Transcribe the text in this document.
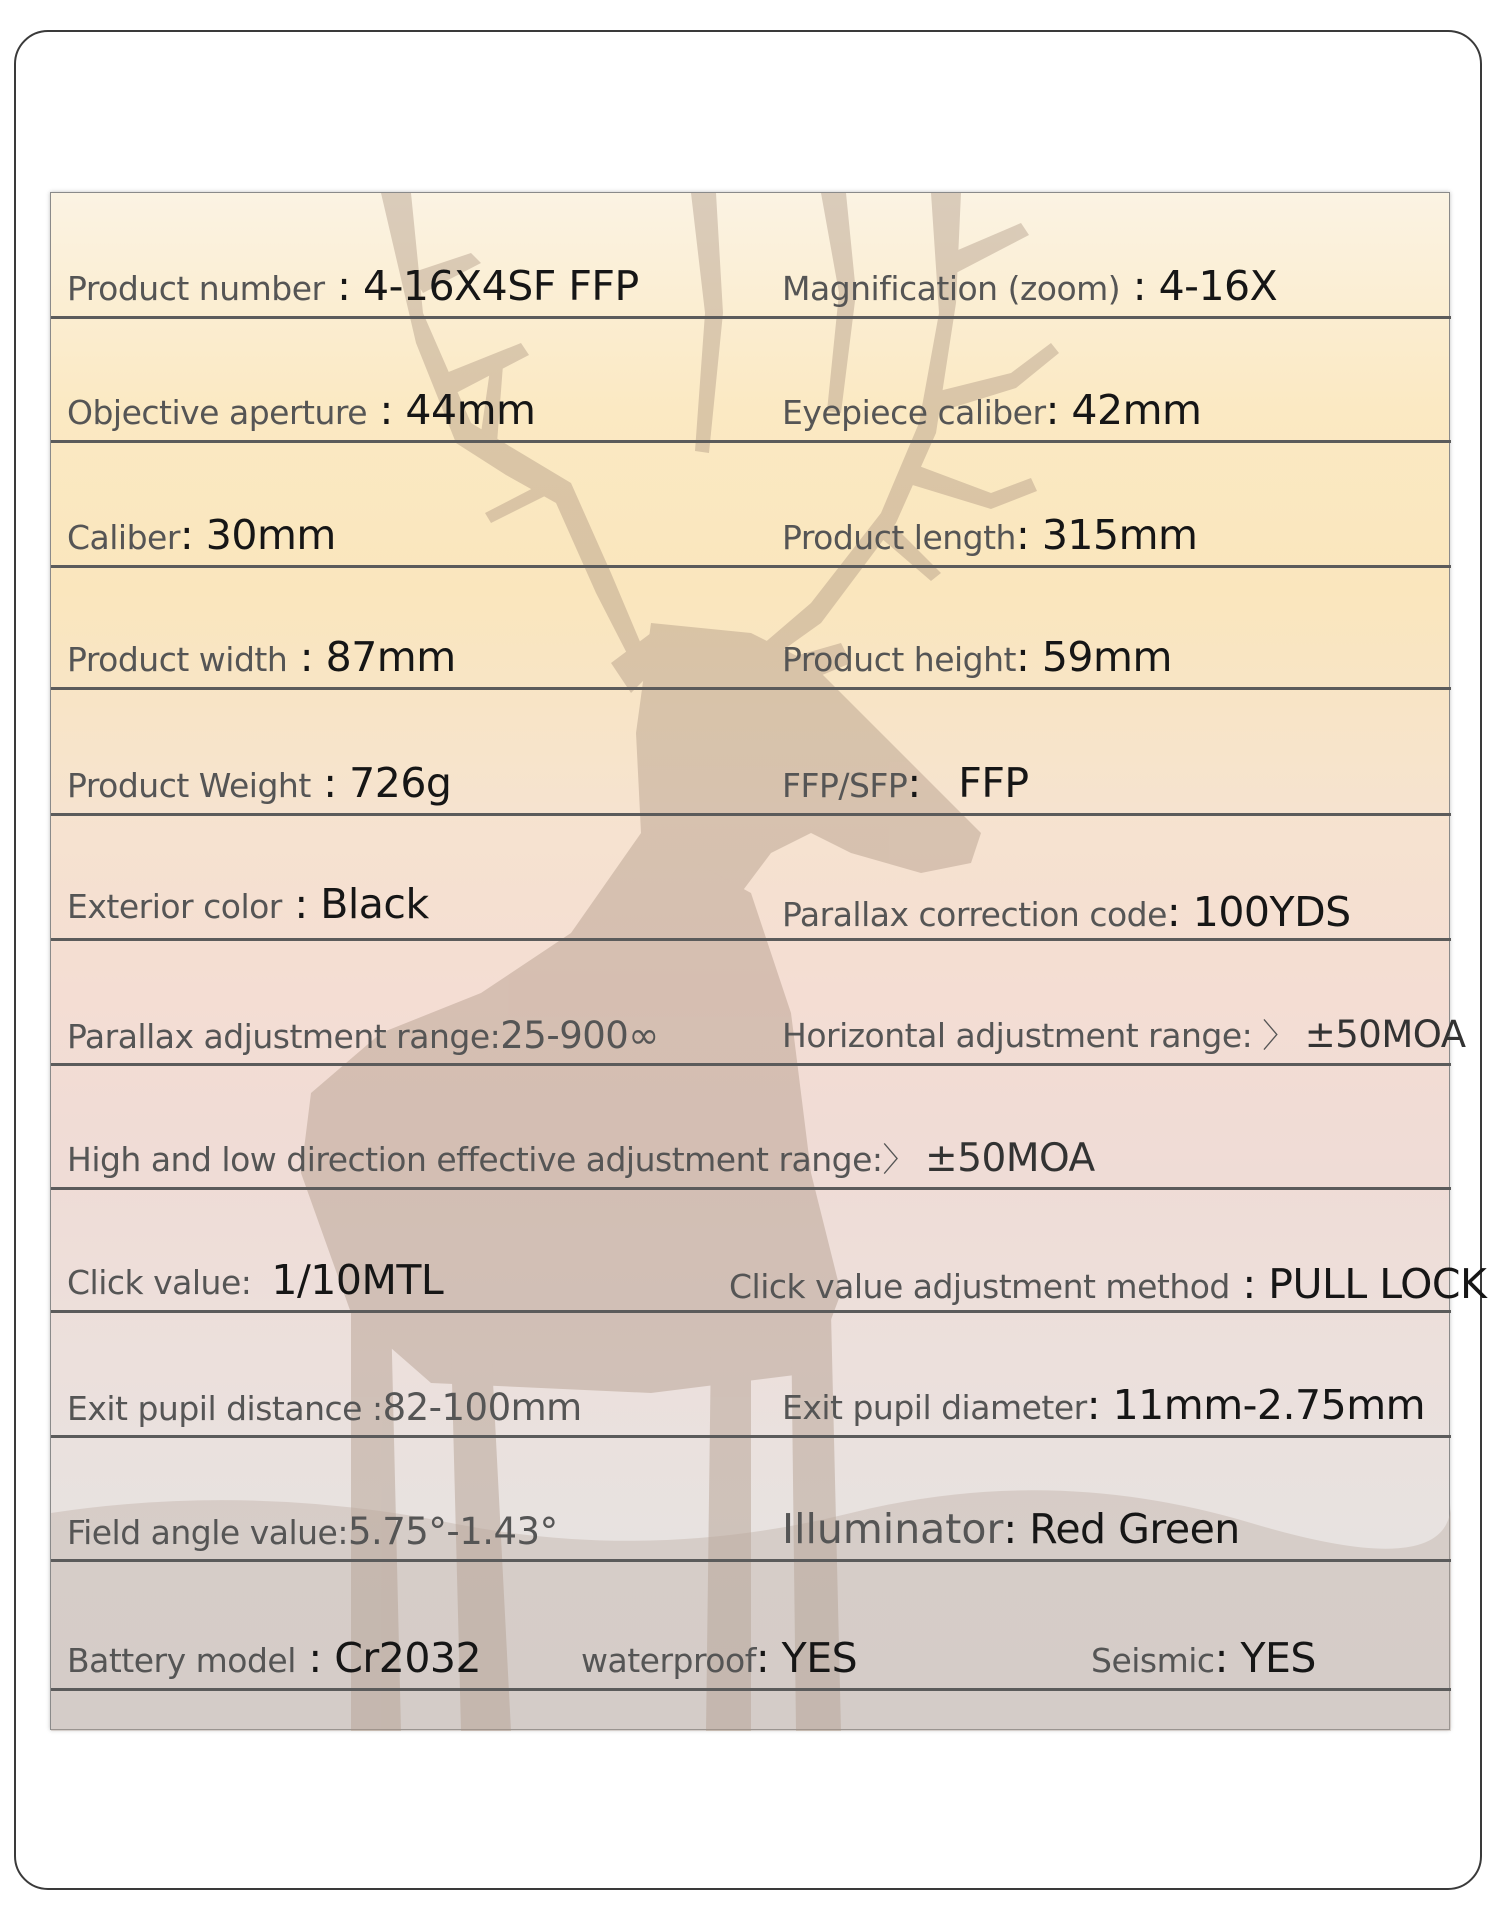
Product number : 4-16X4SF FFP	Magnification (zoom) : 4-16X
Objective aperture : 44mm	Eyepiece caliber: 42mm
Caliber: 30mm	Product length: 315mm
Product width : 87mm	Product height: 59mm
Product Weight : 726g	FFP/SFP:   FFP
Exterior color : Black	Parallax correction code: 100YDS
Parallax adjustment range:25-900∞	Horizontal adjustment range: 〉 ±50MOA
High and low direction effective adjustment range:〉 ±50MOA
Click value:  1/10MTL	Click value adjustment method : PULL LOCK
Exit pupil distance :82-100mm	Exit pupil diameter: 11mm-2.75mm
Field angle value:5.75°-1.43°	Illuminator: Red Green
Battery model : Cr2032	waterproof: YES	Seismic: YES
